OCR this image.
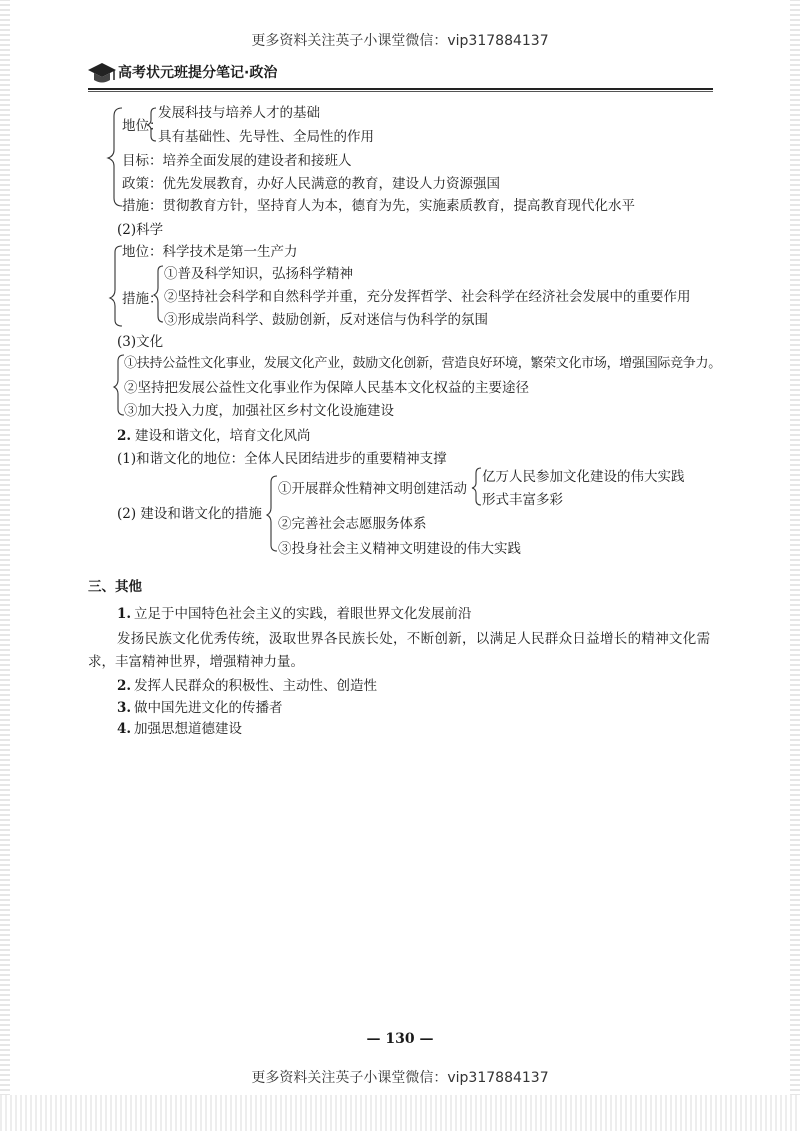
更多资料关注英子小课堂微信：vip317884137
高考状元班提分笔记·政治
地位：
发展科技与培养人才的基础
具有基础性、先导性、全局性的作用
目标：培养全面发展的建设者和接班人
政策：优先发展教育，办好人民满意的教育，建设人力资源强国
措施：贯彻教育方针，坚持育人为本，德育为先，实施素质教育，提高教育现代化水平
(2)科学
地位：科学技术是第一生产力
措施：
①普及科学知识，弘扬科学精神
②坚持社会科学和自然科学并重，充分发挥哲学、社会科学在经济社会发展中的重要作用
③形成崇尚科学、鼓励创新，反对迷信与伪科学的氛围
(3)文化
①扶持公益性文化事业，发展文化产业，鼓励文化创新，营造良好环境，繁荣文化市场，增强国际竞争力。
②坚持把发展公益性文化事业作为保障人民基本文化权益的主要途径
③加大投入力度，加强社区乡村文化设施建设
2. 建设和谐文化，培育文化风尚
(1)和谐文化的地位：全体人民团结进步的重要精神支撑
(2) 建设和谐文化的措施
①开展群众性精神文明创建活动
亿万人民参加文化建设的伟大实践
形式丰富多彩
②完善社会志愿服务体系
③投身社会主义精神文明建设的伟大实践
三、其他
1. 立足于中国特色社会主义的实践，着眼世界文化发展前沿
发扬民族文化优秀传统，汲取世界各民族长处，不断创新，以满足人民群众日益增长的精神文化需
求，丰富精神世界，增强精神力量。
2. 发挥人民群众的积极性、主动性、创造性
3. 做中国先进文化的传播者
4. 加强思想道德建设
— 130 —
更多资料关注英子小课堂微信：vip317884137
